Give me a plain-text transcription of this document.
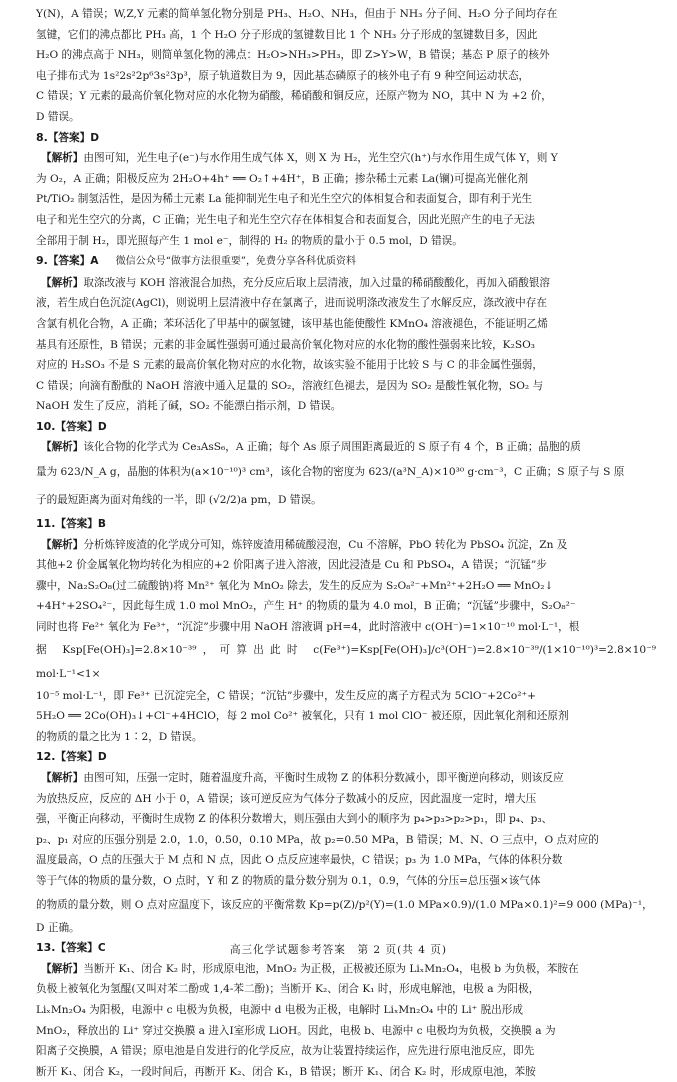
Y(N)，A 错误；W,Z,Y 元素的简单氢化物分别是 PH₃、H₂O、NH₃，但由于 NH₃ 分子间、H₂O 分子间均存在

氢键，它们的沸点都比 PH₃ 高，1 个 H₂O 分子形成的氢键数目比 1 个 NH₃ 分子形成的氢键数目多，因此

H₂O 的沸点高于 NH₃，则简单氢化物的沸点：H₂O>NH₃>PH₃，即 Z>Y>W，B 错误；基态 P 原子的核外

电子排布式为 1s²2s²2p⁶3s²3p³，原子轨道数目为 9，因此基态磷原子的核外电子有 9 种空间运动状态，

C 错误；Y 元素的最高价氧化物对应的水化物为硝酸，稀硝酸和铜反应，还原产物为 NO，其中 N 为 +2 价，

D 错误。

8.【答案】D

【解析】由图可知，光生电子(e⁻)与水作用生成气体 X，则 X 为 H₂，光生空穴(h⁺)与水作用生成气体 Y，则 Y

为 O₂，A 正确；阳极反应为 2H₂O+4h⁺ ══ O₂↑+4H⁺，B 正确；掺杂稀土元素 La(镧)可提高光催化剂

Pt/TiO₂ 制氢活性，是因为稀土元素 La 能抑制光生电子和光生空穴的体相复合和表面复合，即有利于光生

电子和光生空穴的分离，C 正确；光生电子和光生空穴存在体相复合和表面复合，因此光照产生的电子无法

全部用于制 H₂，即光照每产生 1 mol e⁻，制得的 H₂ 的物质的量小于 0.5 mol，D 错误。

9.【答案】A 微信公众号“做事方法很重要”，免费分享各科优质资料

【解析】取涤改液与 KOH 溶液混合加热，充分反应后取上层清液，加入过量的稀硝酸酸化，再加入硝酸银溶

液，若生成白色沉淀(AgCl)，则说明上层清液中存在氯离子，进而说明涤改液发生了水解反应，涤改液中存在

含氯有机化合物，A 正确；苯环活化了甲基中的碳氢键，该甲基也能使酸性 KMnO₄ 溶液褪色，不能证明乙烯

基具有还原性，B 错误；元素的非金属性强弱可通过最高价氧化物对应的水化物的酸性强弱来比较，K₂SO₃

对应的 H₂SO₃ 不是 S 元素的最高价氧化物对应的水化物，故该实验不能用于比较 S 与 C 的非金属性强弱，

C 错误；向滴有酚酞的 NaOH 溶液中通入足量的 SO₂，溶液红色褪去，是因为 SO₂ 是酸性氧化物，SO₂ 与

NaOH 发生了反应，消耗了碱，SO₂ 不能漂白指示剂，D 错误。

10.【答案】D

【解析】该化合物的化学式为 Ce₃AsS₆，A 正确；每个 As 原子周围距离最近的 S 原子有 4 个，B 正确；晶胞的质

量为 623/N_A g，晶胞的体积为(a×10⁻¹⁰)³ cm³，该化合物的密度为 623/(a³N_A)×10³⁰ g·cm⁻³，C 正确；S 原子与 S 原

子的最短距离为面对角线的一半，即 (√2/2)a pm，D 错误。

11.【答案】B

【解析】分析炼锌废渣的化学成分可知，炼锌废渣用稀硫酸浸泡，Cu 不溶解，PbO 转化为 PbSO₄ 沉淀，Zn 及

其他+2 价金属氧化物均转化为相应的+2 价阳离子进入溶液，因此浸渣是 Cu 和 PbSO₄，A 错误；“沉锰”步

骤中，Na₂S₂O₈(过二硫酸钠)将 Mn²⁺ 氧化为 MnO₂ 除去，发生的反应为 S₂O₈²⁻+Mn²⁺+2H₂O ══ MnO₂↓

+4H⁺+2SO₄²⁻，因此每生成 1.0 mol MnO₂，产生 H⁺ 的物质的量为 4.0 mol，B 正确；“沉锰”步骤中，S₂O₈²⁻

同时也将 Fe²⁺ 氧化为 Fe³⁺，“沉淀”步骤中用 NaOH 溶液调 pH=4，此时溶液中 c(OH⁻)=1×10⁻¹⁰ mol·L⁻¹，根

据 Ksp[Fe(OH)₃]=2.8×10⁻³⁹，可算出此时 c(Fe³⁺)=Ksp[Fe(OH)₃]/c³(OH⁻)=2.8×10⁻³⁹/(1×10⁻¹⁰)³=2.8×10⁻⁹ mol·L⁻¹<1×

10⁻⁵ mol·L⁻¹，即 Fe³⁺ 已沉淀完全，C 错误；“沉钴”步骤中，发生反应的离子方程式为 5ClO⁻+2Co²⁺+

5H₂O ══ 2Co(OH)₃↓+Cl⁻+4HClO，每 2 mol Co²⁺ 被氧化，只有 1 mol ClO⁻ 被还原，因此氧化剂和还原剂

的物质的量之比为 1∶2，D 错误。

12.【答案】D

【解析】由图可知，压强一定时，随着温度升高，平衡时生成物 Z 的体积分数减小，即平衡逆向移动，则该反应

为放热反应，反应的 ΔH 小于 0，A 错误；该可逆反应为气体分子数减小的反应，因此温度一定时，增大压

强，平衡正向移动，平衡时生成物 Z 的体积分数增大，则压强由大到小的顺序为 p₄>p₃>p₂>p₁，即 p₄、p₃、

p₂、p₁ 对应的压强分别是 2.0，1.0，0.50，0.10 MPa，故 p₂=0.50 MPa，B 错误；M、N、O 三点中，O 点对应的

温度最高，O 点的压强大于 M 点和 N 点，因此 O 点反应速率最快，C 错误；p₃ 为 1.0 MPa，气体的体积分数

等于气体的物质的量分数，O 点时，Y 和 Z 的物质的量分数分别为 0.1，0.9，气体的分压=总压强×该气体

的物质的量分数，则 O 点对应温度下，该反应的平衡常数 Kp=p(Z)/p²(Y)=(1.0 MPa×0.9)/(1.0 MPa×0.1)²=9 000 (MPa)⁻¹，

D 正确。

13.【答案】C

【解析】当断开 K₁、闭合 K₂ 时，形成原电池，MnO₂ 为正极，正极被还原为 LiₓMn₂O₄，电极 b 为负极，苯胺在

负极上被氧化为氢醌(又叫对苯二酚或 1,4-苯二酚)；当断开 K₂、闭合 K₁ 时，形成电解池，电极 a 为阳极，

LiₓMn₂O₄ 为阳极，电源中 c 电极为负极，电源中 d 电极为正极，电解时 LiₓMn₂O₄ 中的 Li⁺ 脱出形成

MnO₂，释放出的 Li⁺ 穿过交换膜 a 进入Ⅰ室形成 LiOH。因此，电极 b、电源中 c 电极均为负极，交换膜 a 为

阳离子交换膜，A 错误；原电池是自发进行的化学反应，故为让装置持续运作，应先进行原电池反应，即先

断开 K₁、闭合 K₂，一段时间后，再断开 K₂、闭合 K₁，B 错误；断开 K₁、闭合 K₂ 时，形成原电池，苯胺

高三化学试题参考答案　第 2 页(共 4 页)
